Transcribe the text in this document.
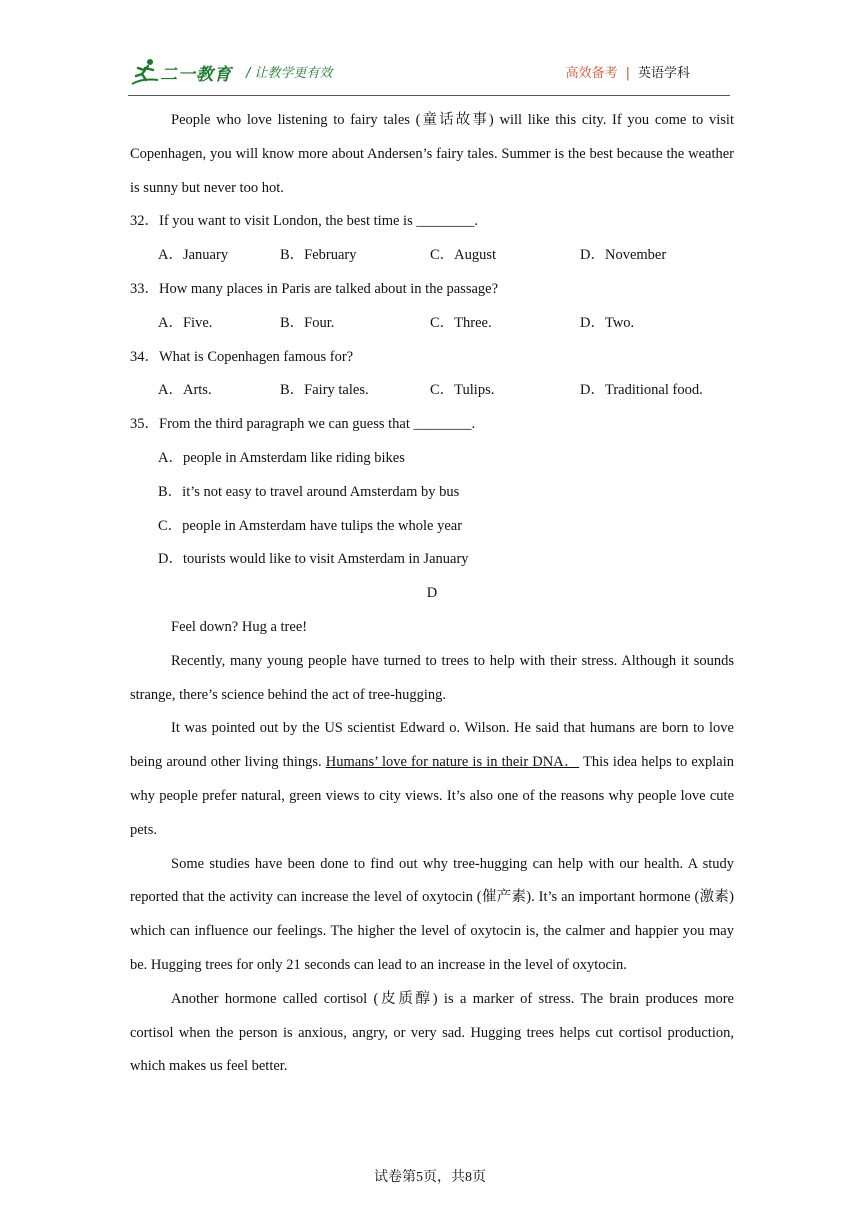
二一教育 / 让教学更有效	高效备考 | 英语学科

People who love listening to fairy tales (童话故事) will like this city. If you come to visit Copenhagen, you will know more about Andersen’s fairy tales. Summer is the best because the weather is sunny but never too hot.

32．If you want to visit London, the best time is ________.

A．January	B．February	C．August	D．November

33．How many places in Paris are talked about in the passage?

A．Five.	B．Four.	C．Three.	D．Two.

34．What is Copenhagen famous for?

A．Arts.	B．Fairy tales.	C．Tulips.	D．Traditional food.

35．From the third paragraph we can guess that ________.

A．people in Amsterdam like riding bikes

B．it’s not easy to travel around Amsterdam by bus

C．people in Amsterdam have tulips the whole year

D．tourists would like to visit Amsterdam in January

D

Feel down? Hug a tree!

Recently, many young people have turned to trees to help with their stress. Although it sounds strange, there’s science behind the act of tree-hugging.

It was pointed out by the US scientist Edward o. Wilson. He said that humans are born to love being around other living things. Humans’ love for nature is in their DNA． This idea helps to explain why people prefer natural, green views to city views. It’s also one of the reasons why people love cute pets.

Some studies have been done to find out why tree-hugging can help with our health. A study reported that the activity can increase the level of oxytocin (催产素). It’s an important hormone (激素) which can influence our feelings. The higher the level of oxytocin is, the calmer and happier you may be. Hugging trees for only 21 seconds can lead to an increase in the level of oxytocin.

Another hormone called cortisol (皮质醇) is a marker of stress. The brain produces more cortisol when the person is anxious, angry, or very sad. Hugging trees helps cut cortisol production, which makes us feel better.

试卷第5页，共8页
